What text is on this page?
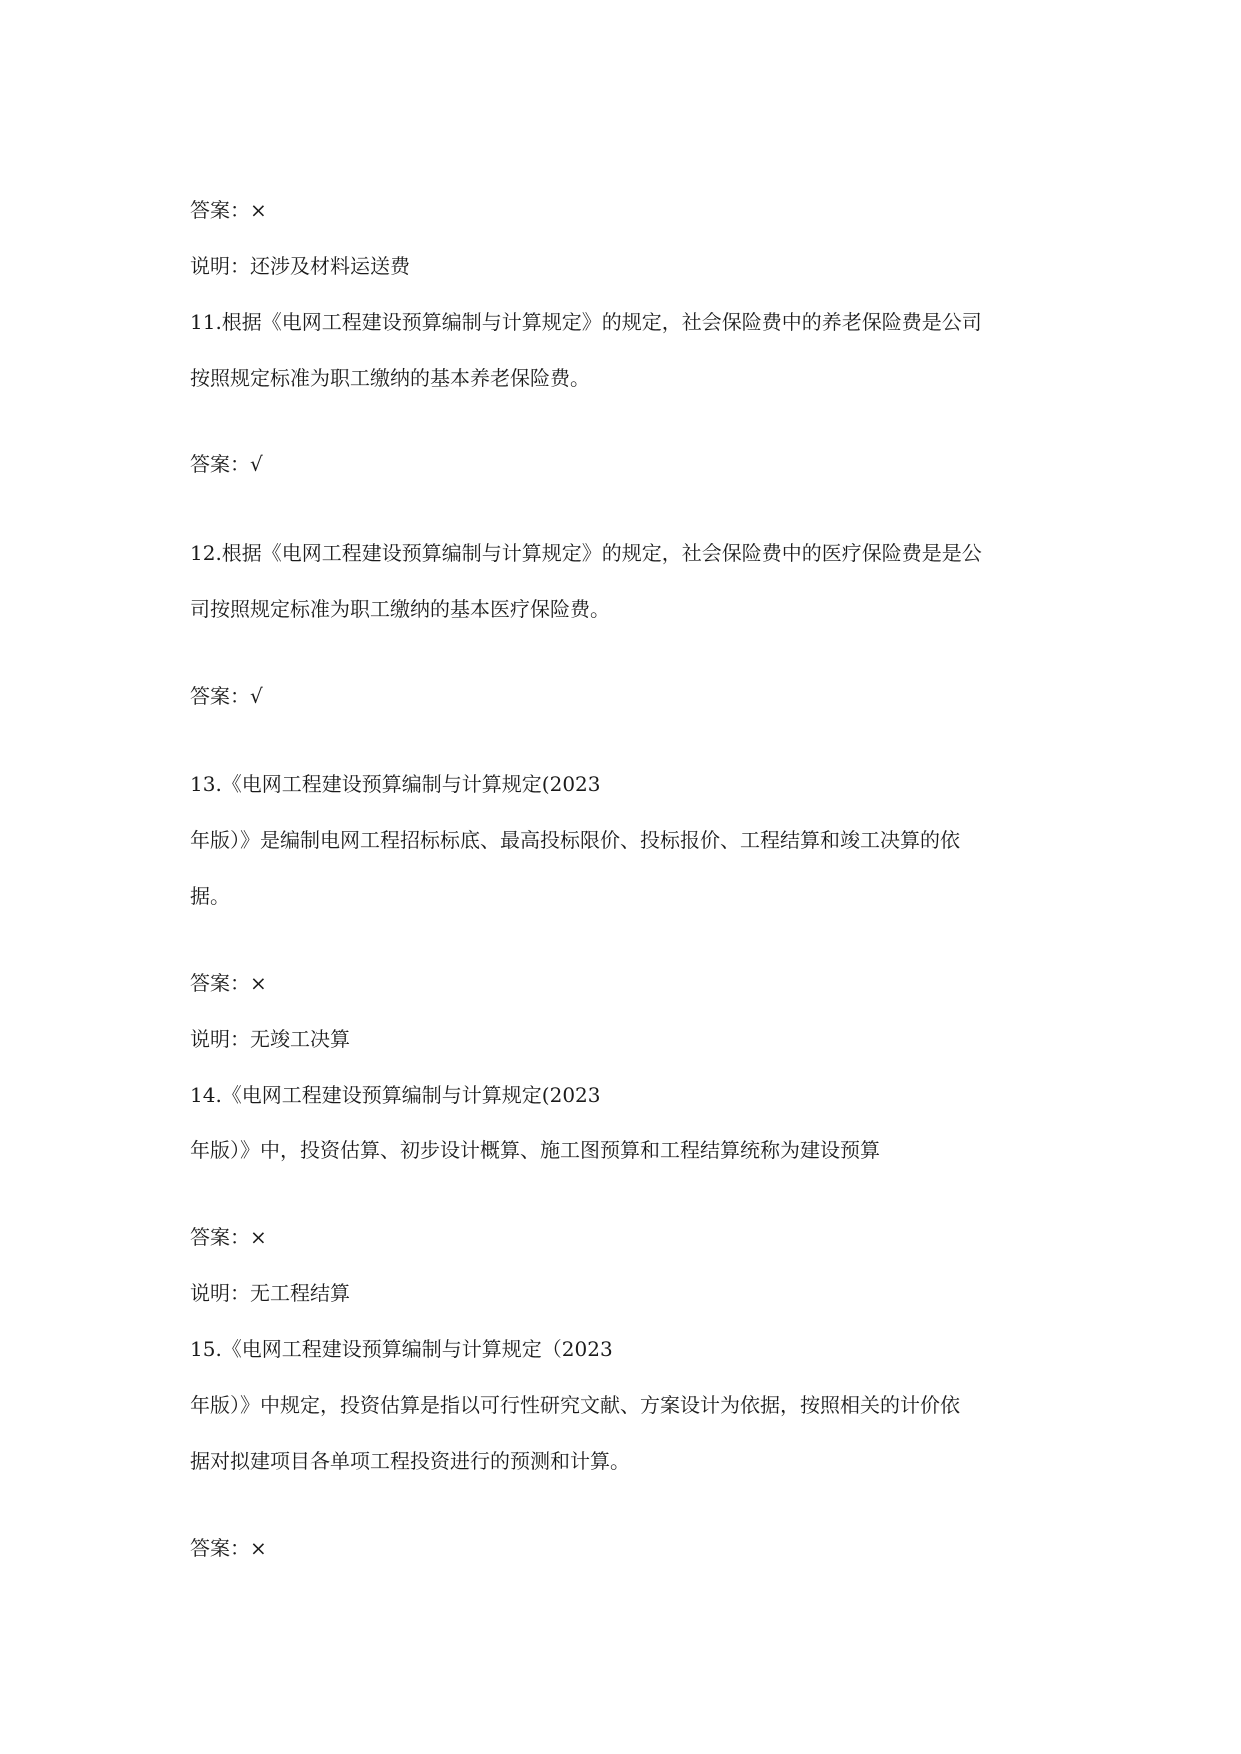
答案：×

说明：还涉及材料运送费

11.根据《电网工程建设预算编制与计算规定》的规定，社会保险费中的养老保险费是公司

按照规定标准为职工缴纳的基本养老保险费。

答案：√

12.根据《电网工程建设预算编制与计算规定》的规定，社会保险费中的医疗保险费是是公

司按照规定标准为职工缴纳的基本医疗保险费。

答案：√

13.《电网工程建设预算编制与计算规定(2023

年版）》是编制电网工程招标标底、最高投标限价、投标报价、工程结算和竣工决算的依

据。

答案：×

说明：无竣工决算

14.《电网工程建设预算编制与计算规定(2023

年版）》中，投资估算、初步设计概算、施工图预算和工程结算统称为建设预算

答案：×

说明：无工程结算

15.《电网工程建设预算编制与计算规定（2023

年版）》中规定，投资估算是指以可行性研究文献、方案设计为依据，按照相关的计价依

据对拟建项目各单项工程投资进行的预测和计算。

答案：×
